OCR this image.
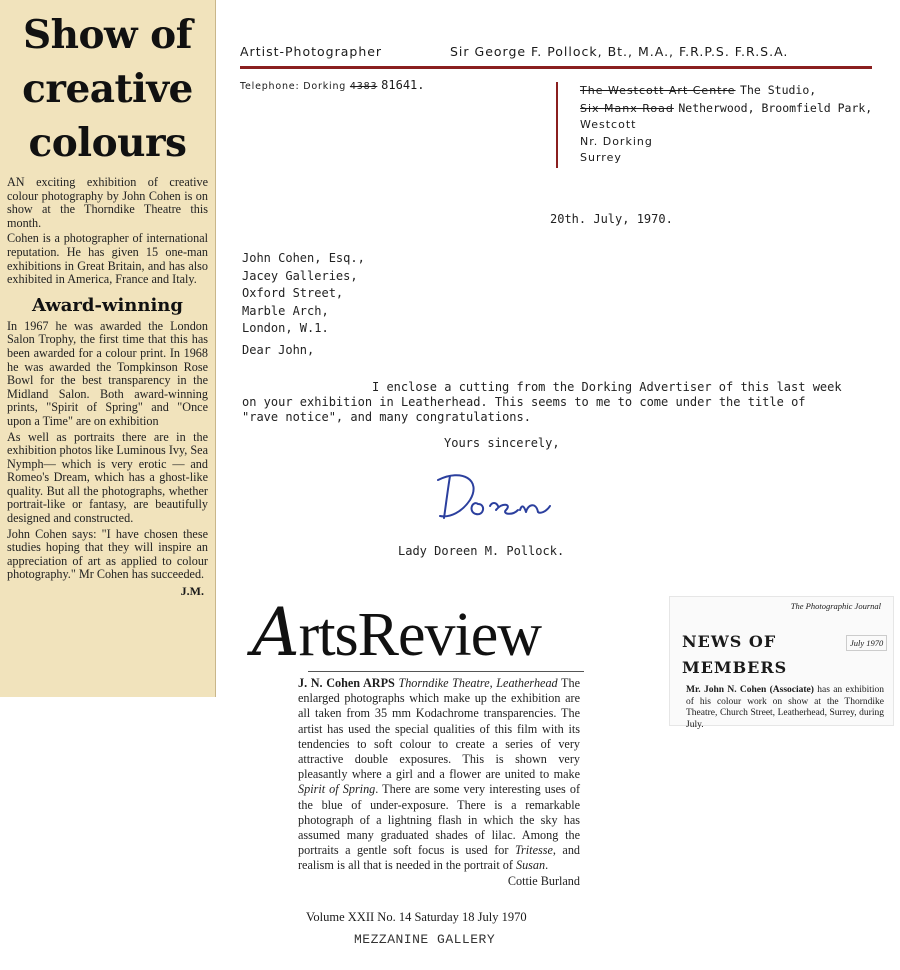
Show of
creative
colours

AN exciting exhibition of creative colour photography by John Cohen is on show at the Thorndike Theatre this month.

Cohen is a photographer of international reputation. He has given 15 one-man exhibitions in Great Britain, and has also exhibited in America, France and Italy.

Award-winning

In 1967 he was awarded the London Salon Trophy, the first time that this has been awarded for a colour print. In 1968 he was awarded the Tompkinson Rose Bowl for the best transparency in the Midland Salon. Both award-winning prints, "Spirit of Spring" and "Once upon a Time" are on exhibition

As well as portraits there are in the exhibition photos like Luminous Ivy, Sea Nymph— which is very erotic — and Romeo's Dream, which has a ghost-like quality. But all the photographs, whether portrait-like or fantasy, are beautifully designed and constructed.

John Cohen says: "I have chosen these studies hoping that they will inspire an appreciation of art as applied to colour photography." Mr Cohen has succeeded.

J.M.
Artist-Photographer	Sir George F. Pollock, Bt., M.A., F.R.P.S. F.R.S.A.
Telephone: Dorking 4383 81641.	The Westcott Art Centre The Studio,
Six Manx Road Netherwood, Broomfield Park,
Westcott
Nr. Dorking
Surrey
20th. July, 1970.
John Cohen, Esq.,
Jacey Galleries,
Oxford Street,
Marble Arch,
London, W.1.
Dear John,
I enclose a cutting from the Dorking Advertiser of this last week on your exhibition in Leatherhead. This seems to me to come under the title of "rave notice", and many congratulations.
Yours sincerely,
Lady Doreen M. Pollock.
ArtsReview
J. N. Cohen ARPS Thorndike Theatre, Leatherhead The enlarged photographs which make up the exhibition are all taken from 35 mm Kodachrome transparencies. The artist has used the special qualities of this film with its tendencies to soft colour to create a series of very attractive double exposures. This is shown very pleasantly where a girl and a flower are united to make Spirit of Spring. There are some very interesting uses of the blue of under-exposure. There is a remarkable photograph of a lightning flash in which the sky has assumed many graduated shades of lilac. Among the portraits a gentle soft focus is used for Tritesse, and realism is all that is needed in the portrait of Susan.
Cottie Burland
Volume XXII No. 14 Saturday 18 July 1970
MEZZANINE GALLERY
The Photographic Journal
NEWS OF
MEMBERS
July 1970
Mr. John N. Cohen (Associate) has an exhibition of his colour work on show at the Thorndike Theatre, Church Street, Leatherhead, Surrey, during July.
